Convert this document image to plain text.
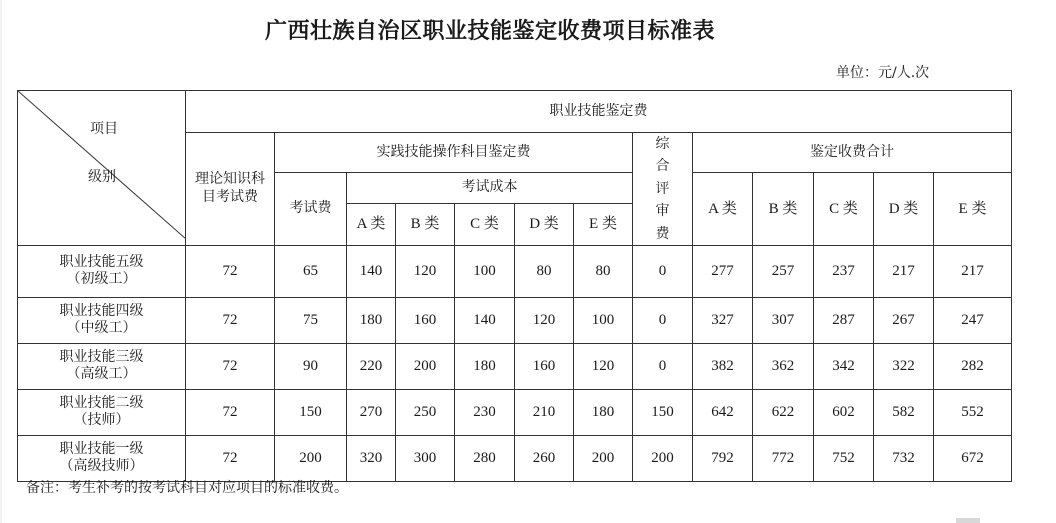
广西壮族自治区职业技能鉴定收费项目标准表
单位：元/人.次
项目
级别	职业技能鉴定费												

	理论知识科目考试费	实践技能操作科目鉴定费						综合评审费	鉴定收费合计				
		考试费	考试成本						A 类	B 类	C 类	D 类	E 类
			A 类	B 类	C 类	D 类	E 类						

职业技能五级
（初级工）	72	65	140	120	100	80	80	0	277	257	237	217	217

职业技能四级
（中级工）	72	75	180	160	140	120	100	0	327	307	287	267	247

职业技能三级
（高级工）	72	90	220	200	180	160	120	0	382	362	342	322	282

职业技能二级
（技师）	72	150	270	250	230	210	180	150	642	622	602	582	552

职业技能一级
（高级技师）	72	200	320	300	280	260	200	200	792	772	752	732	672
备注：考生补考的按考试科目对应项目的标准收费。
